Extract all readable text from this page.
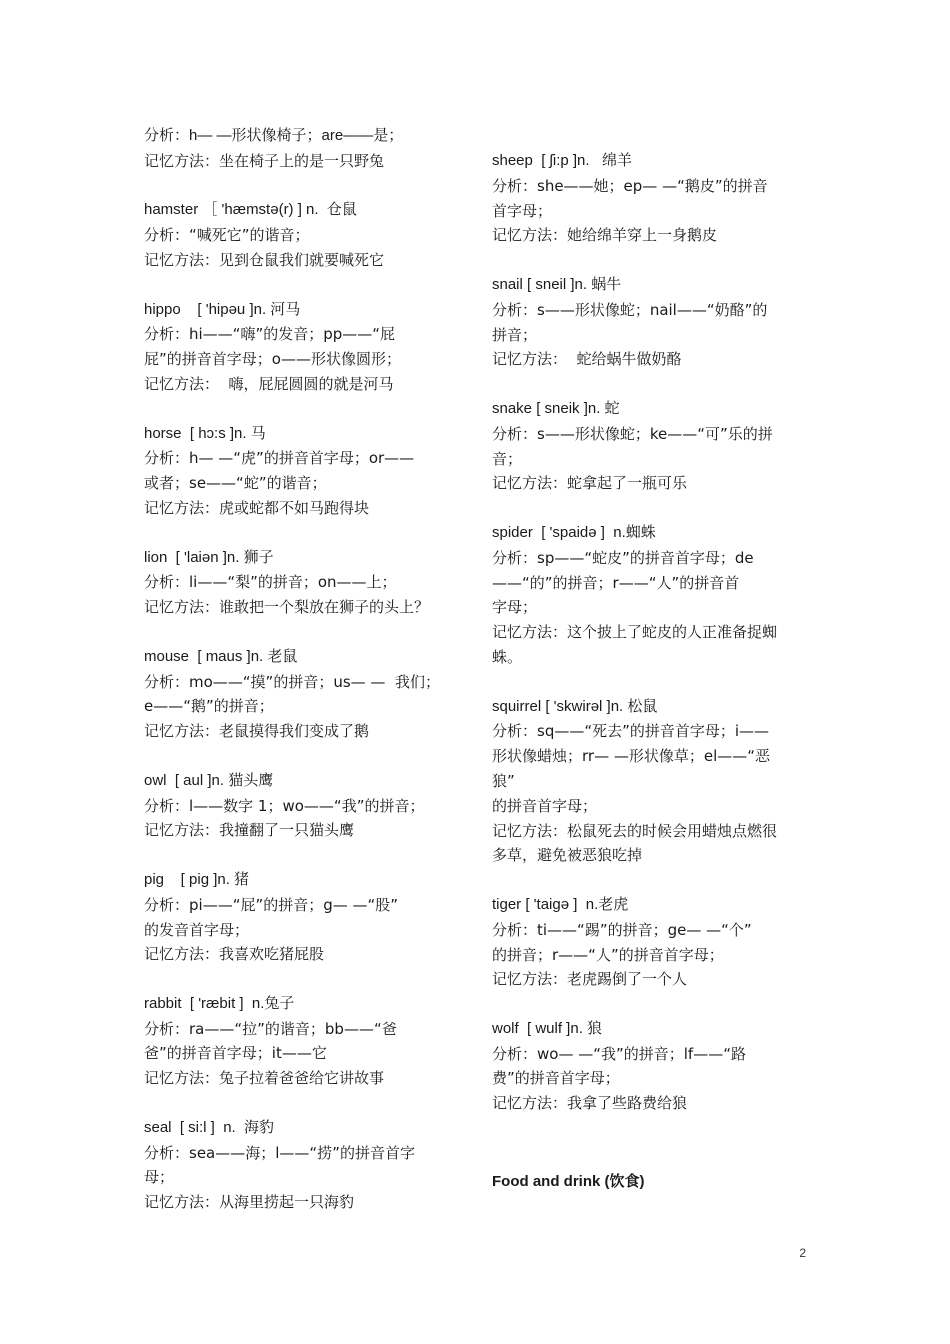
分析：h— —形状像椅子；are——是；
记忆方法：坐在椅子上的是一只野兔
hamster ［ 'hæmstə(r) ] n.  仓鼠
分析：“喊死它”的谐音；
记忆方法：见到仓鼠我们就要喊死它
hippo    [ 'hipəu ]n. 河马
分析：hi——“嗨”的发音；pp——“屁
屁”的拼音首字母；o——形状像圆形；
记忆方法：  嗨，屁屁圆圆的就是河马
horse  [ hɔ:s ]n. 马
分析：h— —“虎”的拼音首字母；or——
或者；se——“蛇”的谐音；
记忆方法：虎或蛇都不如马跑得块
lion  [ 'laiən ]n. 狮子
分析：li——“梨”的拼音；on——上；
记忆方法：谁敢把一个梨放在狮子的头上？
mouse  [ maus ]n. 老鼠
分析：mo——“摸”的拼音；us— —  我们；
e——“鹅”的拼音；
记忆方法：老鼠摸得我们变成了鹅
owl  [ aul ]n. 猫头鹰
分析：l——数字 1；wo——“我”的拼音；
记忆方法：我撞翻了一只猫头鹰
pig    [ pig ]n. 猪
分析：pi——“屁”的拼音；g— —“股”
的发音首字母；
记忆方法：我喜欢吃猪屁股
rabbit  [ 'ræbit ]  n.兔子
分析：ra——“拉”的谐音；bb——“爸
爸”的拼音首字母；it——它
记忆方法：兔子拉着爸爸给它讲故事
seal  [ si:l ]  n.  海豹
分析：sea——海；l——“捞”的拼音首字
母；
记忆方法：从海里捞起一只海豹
sheep  [ ʃi:p ]n.   绵羊
分析：she——她；ep— —“鹅皮”的拼音
首字母；
记忆方法：她给绵羊穿上一身鹅皮
snail [ sneil ]n. 蜗牛
分析：s——形状像蛇；nail——“奶酪”的
拼音；
记忆方法：  蛇给蜗牛做奶酪
snake [ sneik ]n. 蛇
分析：s——形状像蛇；ke——“可”乐的拼
音；
记忆方法：蛇拿起了一瓶可乐
spider  [ 'spaidə ]  n.蜘蛛
分析：sp——“蛇皮”的拼音首字母；de
——“的”的拼音；r——“人”的拼音首
字母；
记忆方法：这个披上了蛇皮的人正准备捉蜘
蛛。
squirrel [ 'skwirəl ]n. 松鼠
分析：sq——“死去”的拼音首字母；i——
形状像蜡烛；rr— —形状像草；el——“恶
狼”
的拼音首字母；
记忆方法：松鼠死去的时候会用蜡烛点燃很
多草，避免被恶狼吃掉
tiger [ 'taigə ]  n.老虎
分析：ti——“踢”的拼音；ge— —“个”
的拼音；r——“人”的拼音首字母；
记忆方法：老虎踢倒了一个人
wolf  [ wulf ]n. 狼
分析：wo— —“我”的拼音；lf——“路
费”的拼音首字母；
记忆方法：我拿了些路费给狼
Food and drink (饮食)
2
